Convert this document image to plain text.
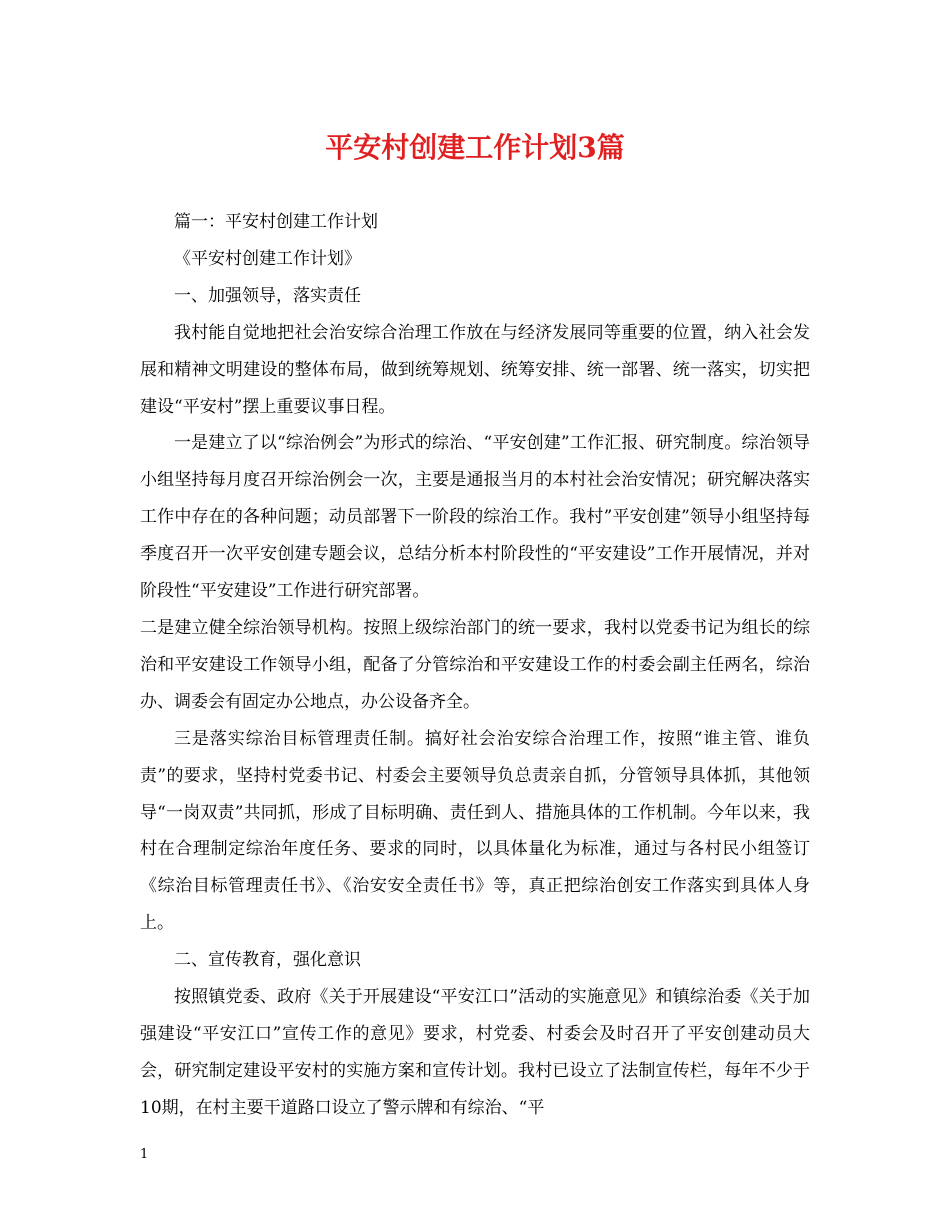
平安村创建工作计划3篇

篇一：平安村创建工作计划

《平安村创建工作计划》

一、加强领导，落实责任

我村能自觉地把社会治安综合治理工作放在与经济发展同等重要的位置，纳入社会发展和精神文明建设的整体布局，做到统筹规划、统筹安排、统一部署、统一落实，切实把建设“平安村”摆上重要议事日程。

一是建立了以“综治例会”为形式的综治、“平安创建”工作汇报、研究制度。综治领导小组坚持每月度召开综治例会一次，主要是通报当月的本村社会治安情况；研究解决落实工作中存在的各种问题；动员部署下一阶段的综治工作。我村”平安创建”领导小组坚持每季度召开一次平安创建专题会议，总结分析本村阶段性的“平安建设”工作开展情况，并对阶段性“平安建设”工作进行研究部署。

二是建立健全综治领导机构。按照上级综治部门的统一要求，我村以党委书记为组长的综治和平安建设工作领导小组，配备了分管综治和平安建设工作的村委会副主任两名，综治办、调委会有固定办公地点，办公设备齐全。

三是落实综治目标管理责任制。搞好社会治安综合治理工作，按照“谁主管、谁负责”的要求，坚持村党委书记、村委会主要领导负总责亲自抓，分管领导具体抓，其他领导“一岗双责”共同抓，形成了目标明确、责任到人、措施具体的工作机制。今年以来，我村在合理制定综治年度任务、要求的同时，以具体量化为标准，通过与各村民小组签订《综治目标管理责任书》、《治安安全责任书》等，真正把综治创安工作落实到具体人身上。

二、宣传教育，强化意识

按照镇党委、政府《关于开展建设“平安江口”活动的实施意见》和镇综治委《关于加强建设“平安江口”宣传工作的意见》要求，村党委、村委会及时召开了平安创建动员大会，研究制定建设平安村的实施方案和宣传计划。我村已设立了法制宣传栏，每年不少于10期，在村主要干道路口设立了警示牌和有综治、“平

1
